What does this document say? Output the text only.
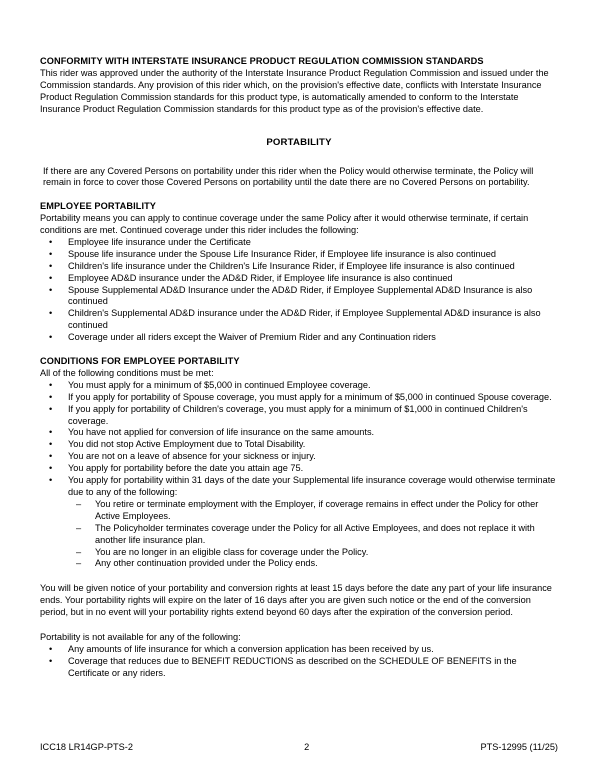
CONFORMITY WITH INTERSTATE INSURANCE PRODUCT REGULATION COMMISSION STANDARDS

This rider was approved under the authority of the Interstate Insurance Product Regulation Commission and issued under the Commission standards. Any provision of this rider which, on the provision's effective date, conflicts with Interstate Insurance Product Regulation Commission standards for this product type, is automatically amended to conform to the Interstate Insurance Product Regulation Commission standards for this product type as of the provision's effective date.

PORTABILITY

If there are any Covered Persons on portability under this rider when the Policy would otherwise terminate, the Policy will remain in force to cover those Covered Persons on portability until the date there are no Covered Persons on portability.

EMPLOYEE PORTABILITY

Portability means you can apply to continue coverage under the same Policy after it would otherwise terminate, if certain conditions are met. Continued coverage under this rider includes the following:

• Employee life insurance under the Certificate
• Spouse life insurance under the Spouse Life Insurance Rider, if Employee life insurance is also continued
• Children's life insurance under the Children's Life Insurance Rider, if Employee life insurance is also continued
• Employee AD&D insurance under the AD&D Rider, if Employee life insurance is also continued
• Spouse Supplemental AD&D Insurance under the AD&D Rider, if Employee Supplemental AD&D Insurance is also continued
• Children's Supplemental AD&D insurance under the AD&D Rider, if Employee Supplemental AD&D insurance is also continued
• Coverage under all riders except the Waiver of Premium Rider and any Continuation riders

CONDITIONS FOR EMPLOYEE PORTABILITY

All of the following conditions must be met:

• You must apply for a minimum of $5,000 in continued Employee coverage.
• If you apply for portability of Spouse coverage, you must apply for a minimum of $5,000 in continued Spouse coverage.
• If you apply for portability of Children's coverage, you must apply for a minimum of $1,000 in continued Children's coverage.
• You have not applied for conversion of life insurance on the same amounts.
• You did not stop Active Employment due to Total Disability.
• You are not on a leave of absence for your sickness or injury.
• You apply for portability before the date you attain age 75.
• You apply for portability within 31 days of the date your Supplemental life insurance coverage would otherwise terminate due to any of the following:
– You retire or terminate employment with the Employer, if coverage remains in effect under the Policy for other Active Employees.
– The Policyholder terminates coverage under the Policy for all Active Employees, and does not replace it with another life insurance plan.
– You are no longer in an eligible class for coverage under the Policy.
– Any other continuation provided under the Policy ends.

You will be given notice of your portability and conversion rights at least 15 days before the date any part of your life insurance ends. Your portability rights will expire on the later of 16 days after you are given such notice or the end of the conversion period, but in no event will your portability rights extend beyond 60 days after the expiration of the conversion period.

Portability is not available for any of the following:

• Any amounts of life insurance for which a conversion application has been received by us.
• Coverage that reduces due to BENEFIT REDUCTIONS as described on the SCHEDULE OF BENEFITS in the Certificate or any riders.
ICC18 LR14GP-PTS-2	2	PTS-12995 (11/25)
